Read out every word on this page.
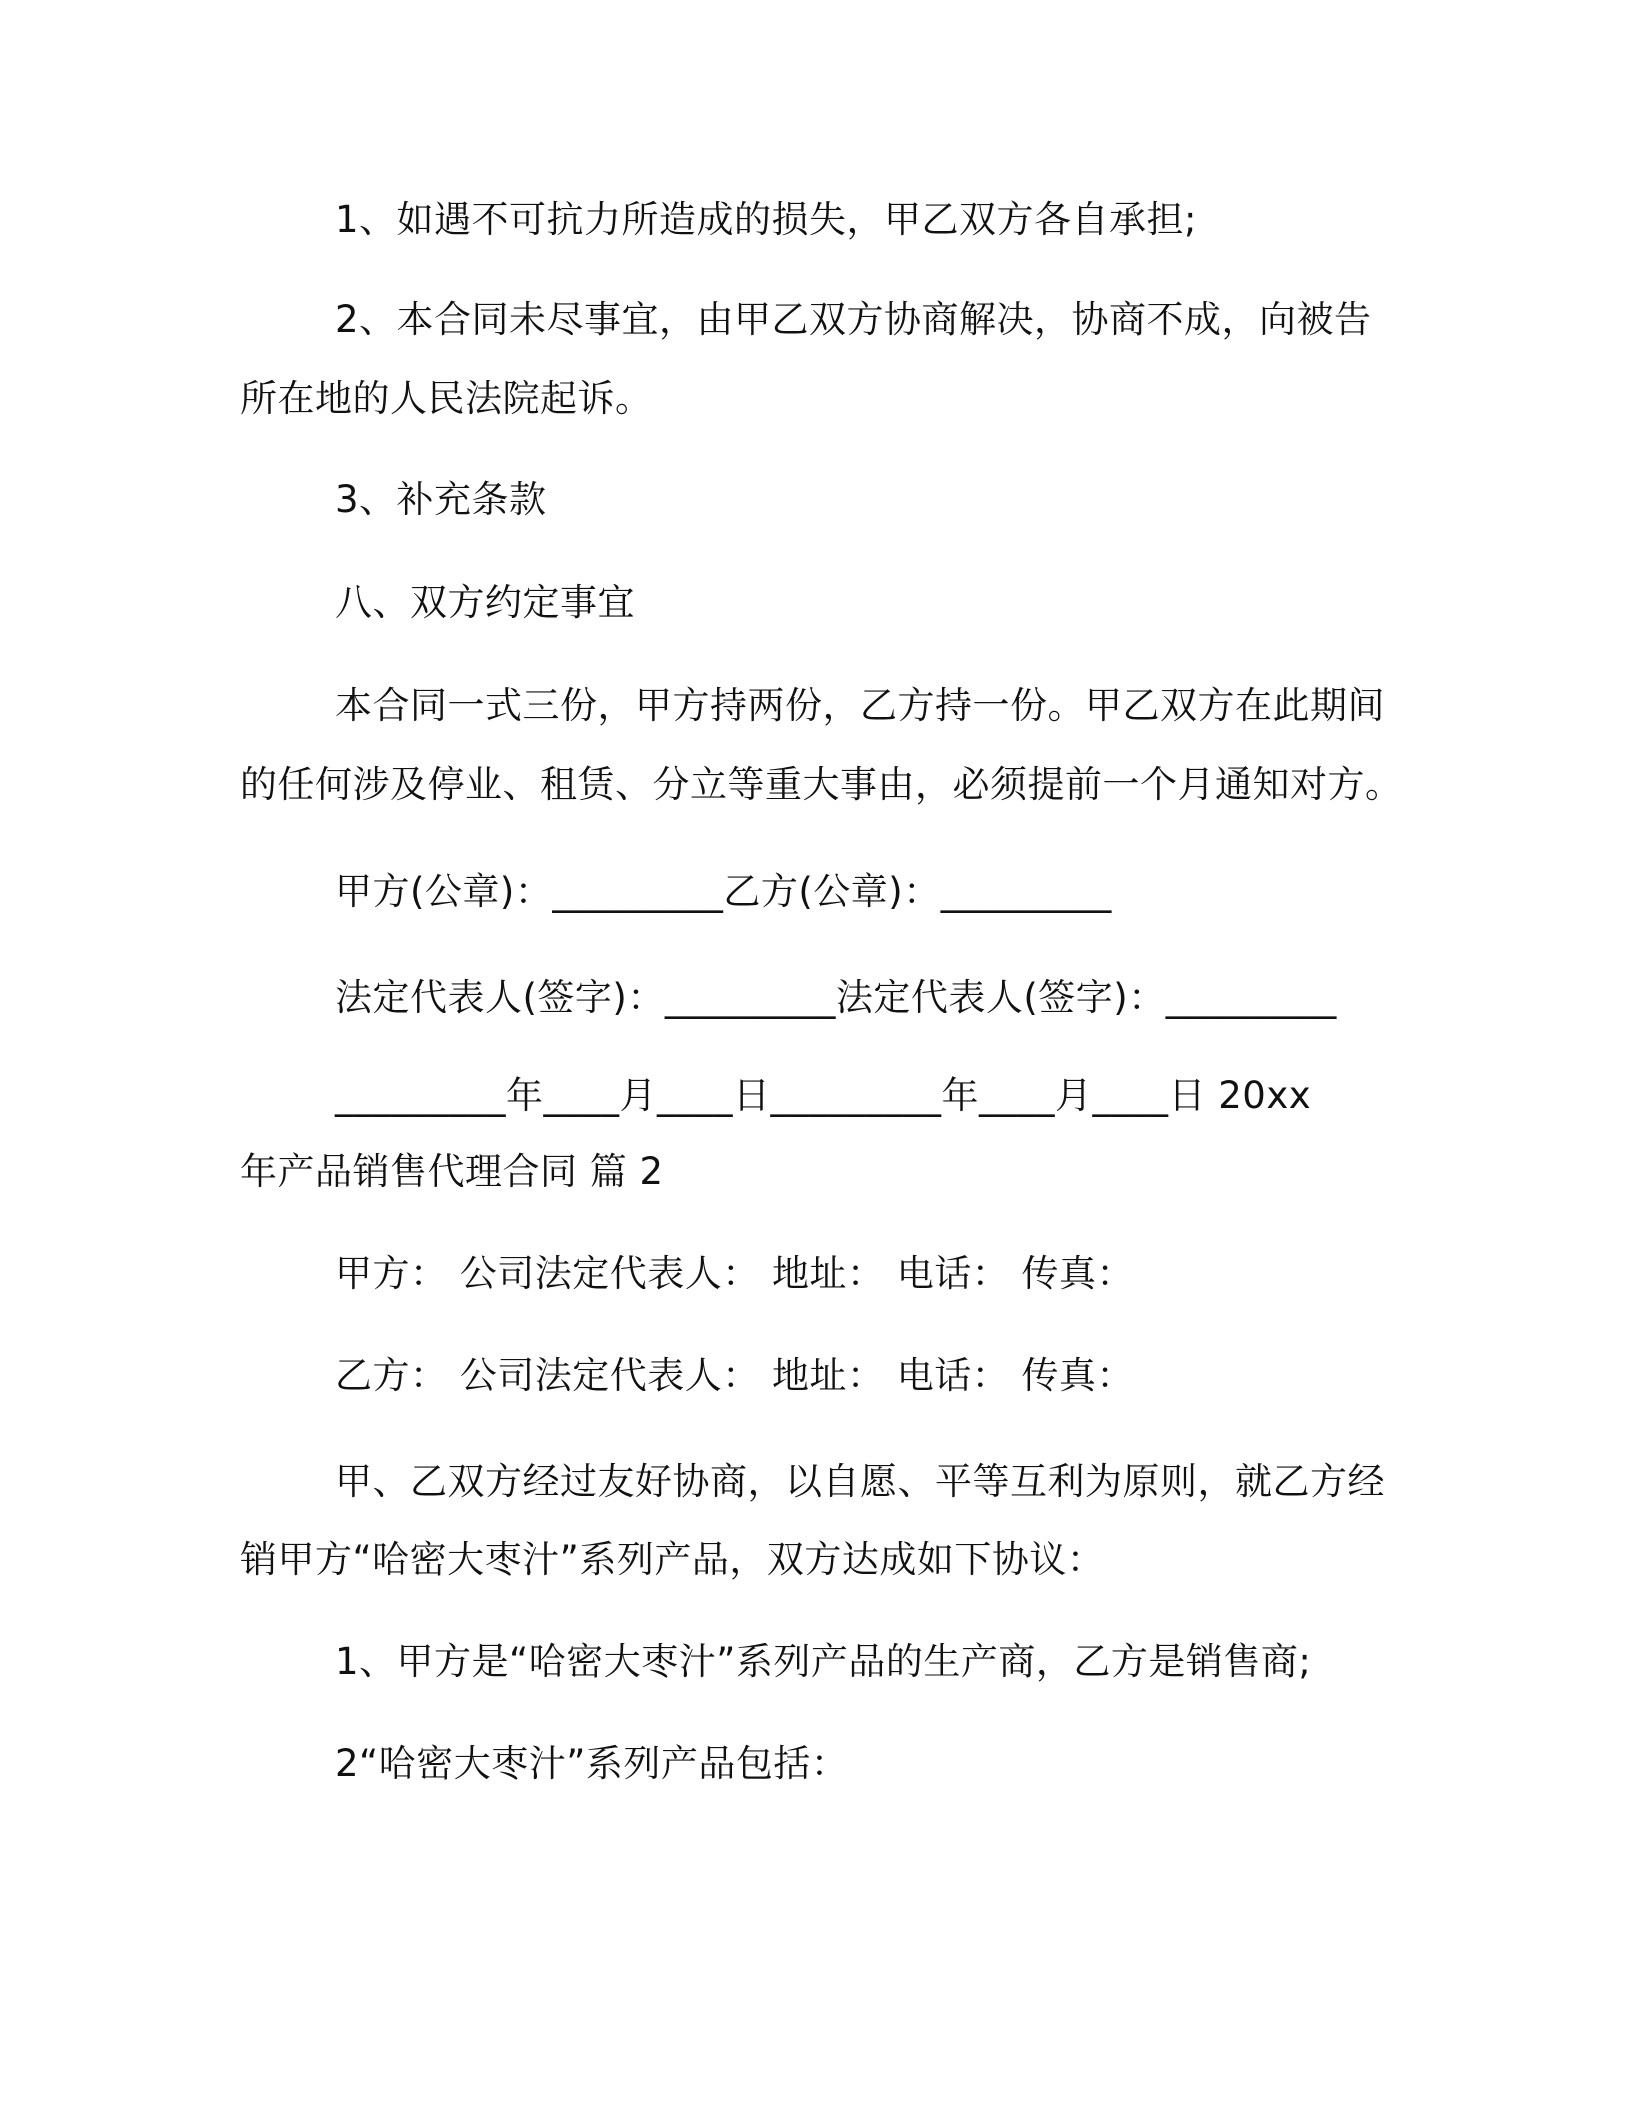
1、如遇不可抗力所造成的损失，甲乙双方各自承担;
2、本合同未尽事宜，由甲乙双方协商解决，协商不成，向被告
所在地的人民法院起诉。
3、补充条款
八、双方约定事宜
本合同一式三份，甲方持两份，乙方持一份。甲乙双方在此期间
的任何涉及停业、租赁、分立等重大事由，必须提前一个月通知对方。
甲方(公章)：_________乙方(公章)：_________
法定代表人(签字)：_________法定代表人(签字)：_________
_________年____月____日_________年____月____日 20xx
年产品销售代理合同 篇 2
甲方： 公司法定代表人： 地址： 电话： 传真：
乙方： 公司法定代表人： 地址： 电话： 传真：
甲、乙双方经过友好协商，以自愿、平等互利为原则，就乙方经
销甲方“哈密大枣汁”系列产品，双方达成如下协议：
1、甲方是“哈密大枣汁”系列产品的生产商，乙方是销售商;
2“哈密大枣汁”系列产品包括：
